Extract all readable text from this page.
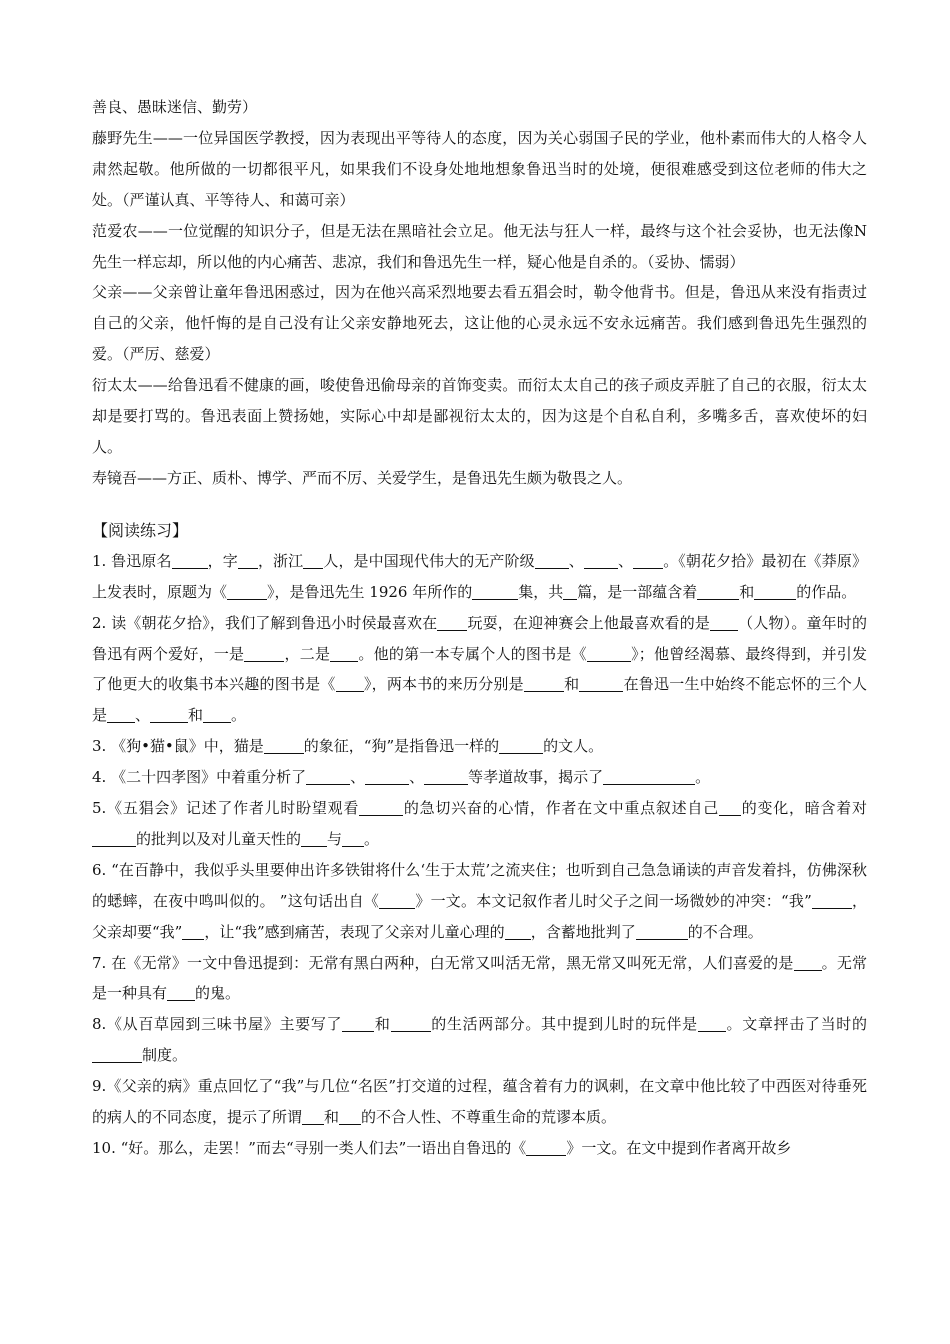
善良、愚昧迷信、勤劳）

藤野先生——一位异国医学教授，因为表现出平等待人的态度，因为关心弱国子民的学业，他朴素而伟大的人格令人肃然起敬。他所做的一切都很平凡，如果我们不设身处地地想象鲁迅当时的处境，便很难感受到这位老师的伟大之处。（严谨认真、平等待人、和蔼可亲）

范爱农——一位觉醒的知识分子，但是无法在黑暗社会立足。他无法与狂人一样，最终与这个社会妥协，也无法像N先生一样忘却，所以他的内心痛苦、悲凉，我们和鲁迅先生一样，疑心他是自杀的。（妥协、懦弱）

父亲——父亲曾让童年鲁迅困惑过，因为在他兴高采烈地要去看五猖会时，勒令他背书。但是，鲁迅从来没有指责过自己的父亲，他忏悔的是自己没有让父亲安静地死去，这让他的心灵永远不安永远痛苦。我们感到鲁迅先生强烈的爱。（严厉、慈爱）

衍太太——给鲁迅看不健康的画，唆使鲁迅偷母亲的首饰变卖。而衍太太自己的孩子顽皮弄脏了自己的衣服，衍太太却是要打骂的。鲁迅表面上赞扬她，实际心中却是鄙视衍太太的，因为这是个自私自利，多嘴多舌，喜欢使坏的妇人。

寿镜吾——方正、质朴、博学、严而不厉、关爱学生，是鲁迅先生颇为敬畏之人。

【阅读练习】

1. 鲁迅原名 ，字 ，浙江 人，是中国现代伟大的无产阶级 、 、 。《朝花夕拾》最初在《莽原》上发表时，原题为《	》，是鲁迅先生 1926 年所作的	集，共 篇，是一部蕴含着	和	的作品。

2. 读《朝花夕拾》，我们了解到鲁迅小时侯最喜欢在 玩耍，在迎神赛会上他最喜欢看的是 （人物）。童年时的鲁迅有两个爱好，一是	，二是 。他的第一本专属个人的图书是《	》；他曾经渴慕、最终得到，并引发了他更大的收集书本兴趣的图书是《 》，两本书的来历分别是	和	在鲁迅一生中始终不能忘怀的三个人是 、	和 。

3. 《狗•猫•鼠》中，猫是	的象征，“狗”是指鲁迅一样的	的文人。

4. 《二十四孝图》中着重分析了	、	、	等孝道故事，揭示了	。

5.《五猖会》记述了作者儿时盼望观看	的急切兴奋的心情，作者在文中重点叙述自己 的变化，暗含着对的批判以及对儿童天性的 与 。

6. “在百静中，我似乎头里要伸出许多铁钳将什么‘生于太荒’之流夹住；也听到自己急急诵读的声音发着抖，仿佛深秋的蟋蟀，在夜中鸣叫似的。 ”这句话出自《 》一文。本文记叙作者儿时父子之间一场微妙的冲突：“我”	，父亲却要“我” ，让“我”感到痛苦，表现了父亲对儿童心理的 ，含蓄地批判了	的不合理。

7. 在《无常》一文中鲁迅提到：无常有黑白两种，白无常又叫活无常，黑无常又叫死无常，人们喜爱的是 。无常是一种具有 的鬼。

8.《从百草园到三味书屋》主要写了 和	的生活两部分。其中提到儿时的玩伴是 。文章抨击了当时的制度。

9.《父亲的病》重点回忆了“我”与几位“名医”打交道的过程，蕴含着有力的讽刺，在文章中他比较了中西医对待垂死的病人的不同态度，提示了所谓 和 的不合人性、不尊重生命的荒谬本质。

10. “好。那么，走罢！”而去“寻别一类人们去”一语出自鲁迅的《	》一文。在文中提到作者离开故乡
